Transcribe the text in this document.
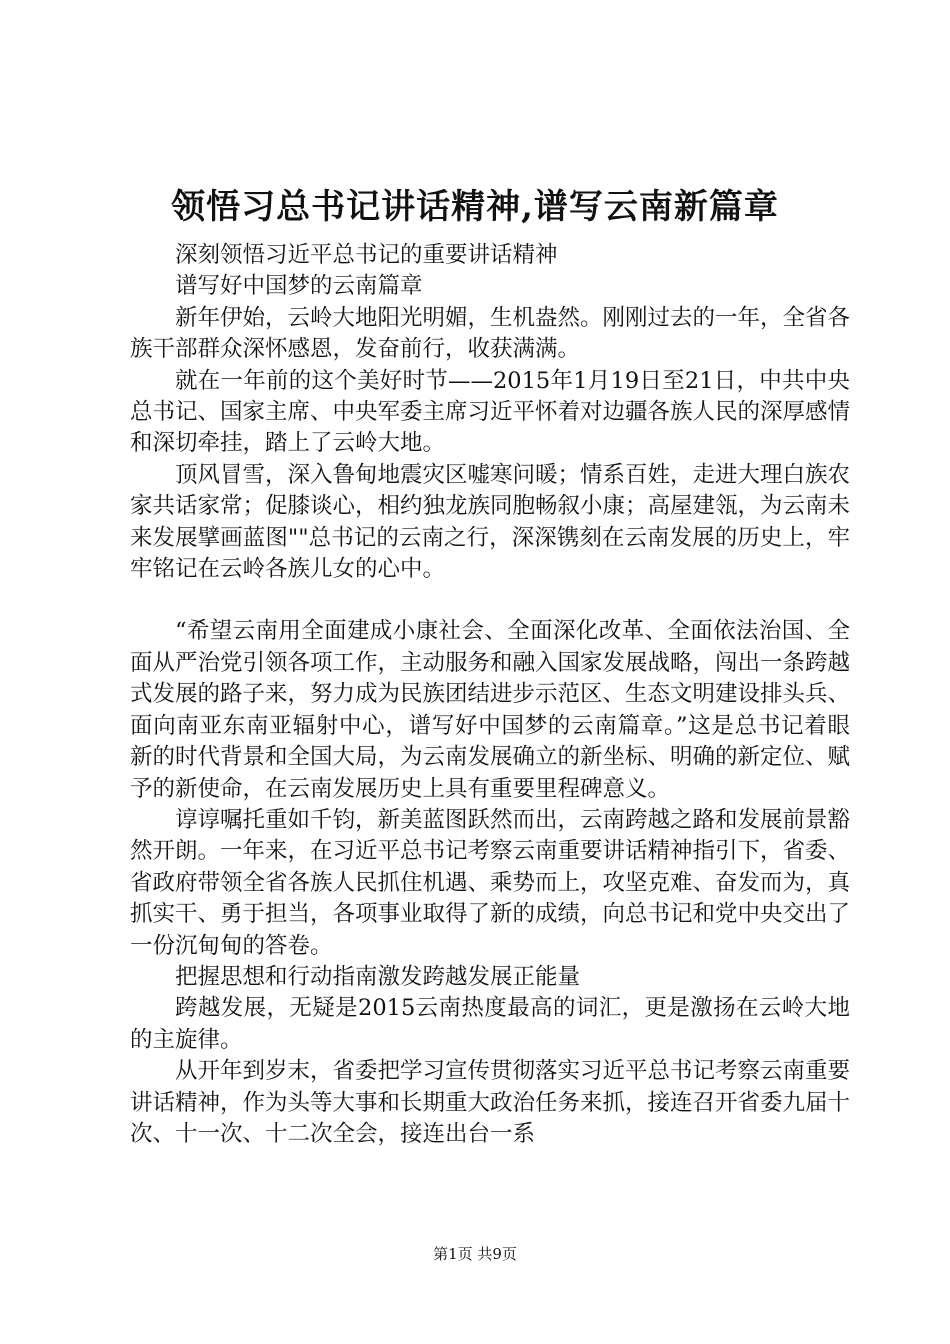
领悟习总书记讲话精神,谱写云南新篇章

深刻领悟习近平总书记的重要讲话精神

谱写好中国梦的云南篇章

新年伊始，云岭大地阳光明媚，生机盎然。刚刚过去的一年，全省各族干部群众深怀感恩，发奋前行，收获满满。

就在一年前的这个美好时节——2015年1月19日至21日，中共中央总书记、国家主席、中央军委主席习近平怀着对边疆各族人民的深厚感情和深切牵挂，踏上了云岭大地。

顶风冒雪，深入鲁甸地震灾区嘘寒问暖；情系百姓，走进大理白族农家共话家常；促膝谈心，相约独龙族同胞畅叙小康；高屋建瓴，为云南未来发展擘画蓝图""总书记的云南之行，深深镌刻在云南发展的历史上，牢牢铭记在云岭各族儿女的心中。

“希望云南用全面建成小康社会、全面深化改革、全面依法治国、全面从严治党引领各项工作，主动服务和融入国家发展战略，闯出一条跨越式发展的路子来，努力成为民族团结进步示范区、生态文明建设排头兵、面向南亚东南亚辐射中心，谱写好中国梦的云南篇章。”这是总书记着眼新的时代背景和全国大局，为云南发展确立的新坐标、明确的新定位、赋予的新使命，在云南发展历史上具有重要里程碑意义。

谆谆嘱托重如千钧，新美蓝图跃然而出，云南跨越之路和发展前景豁然开朗。一年来，在习近平总书记考察云南重要讲话精神指引下，省委、省政府带领全省各族人民抓住机遇、乘势而上，攻坚克难、奋发而为，真抓实干、勇于担当，各项事业取得了新的成绩，向总书记和党中央交出了一份沉甸甸的答卷。

把握思想和行动指南激发跨越发展正能量

跨越发展，无疑是2015云南热度最高的词汇，更是激扬在云岭大地的主旋律。

从开年到岁末，省委把学习宣传贯彻落实习近平总书记考察云南重要讲话精神，作为头等大事和长期重大政治任务来抓，接连召开省委九届十次、十一次、十二次全会，接连出台一系

第1页 共9页
